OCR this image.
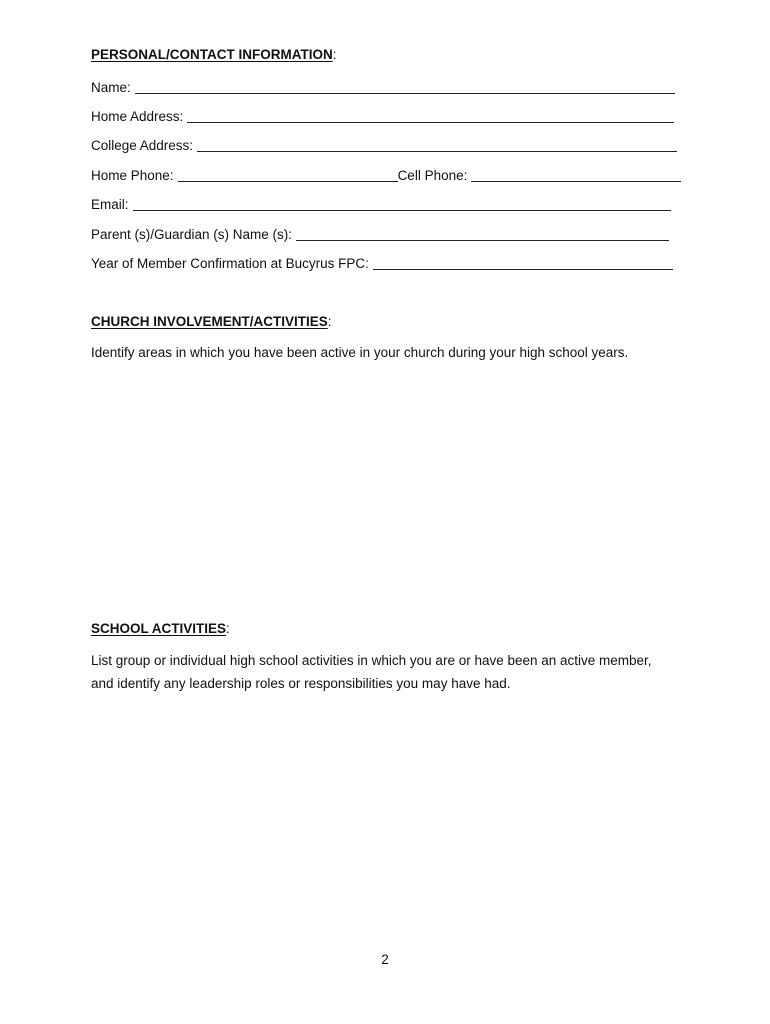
PERSONAL/CONTACT INFORMATION:
Name:
Home Address:
College Address:
Home Phone:	Cell Phone:
Email:
Parent (s)/Guardian (s) Name (s):
Year of Member Confirmation at Bucyrus FPC:
CHURCH INVOLVEMENT/ACTIVITIES:
Identify areas in which you have been active in your church during your high school years.
SCHOOL ACTIVITIES:
List group or individual high school activities in which you are or have been an active member,
and identify any leadership roles or responsibilities you may have had.
2
